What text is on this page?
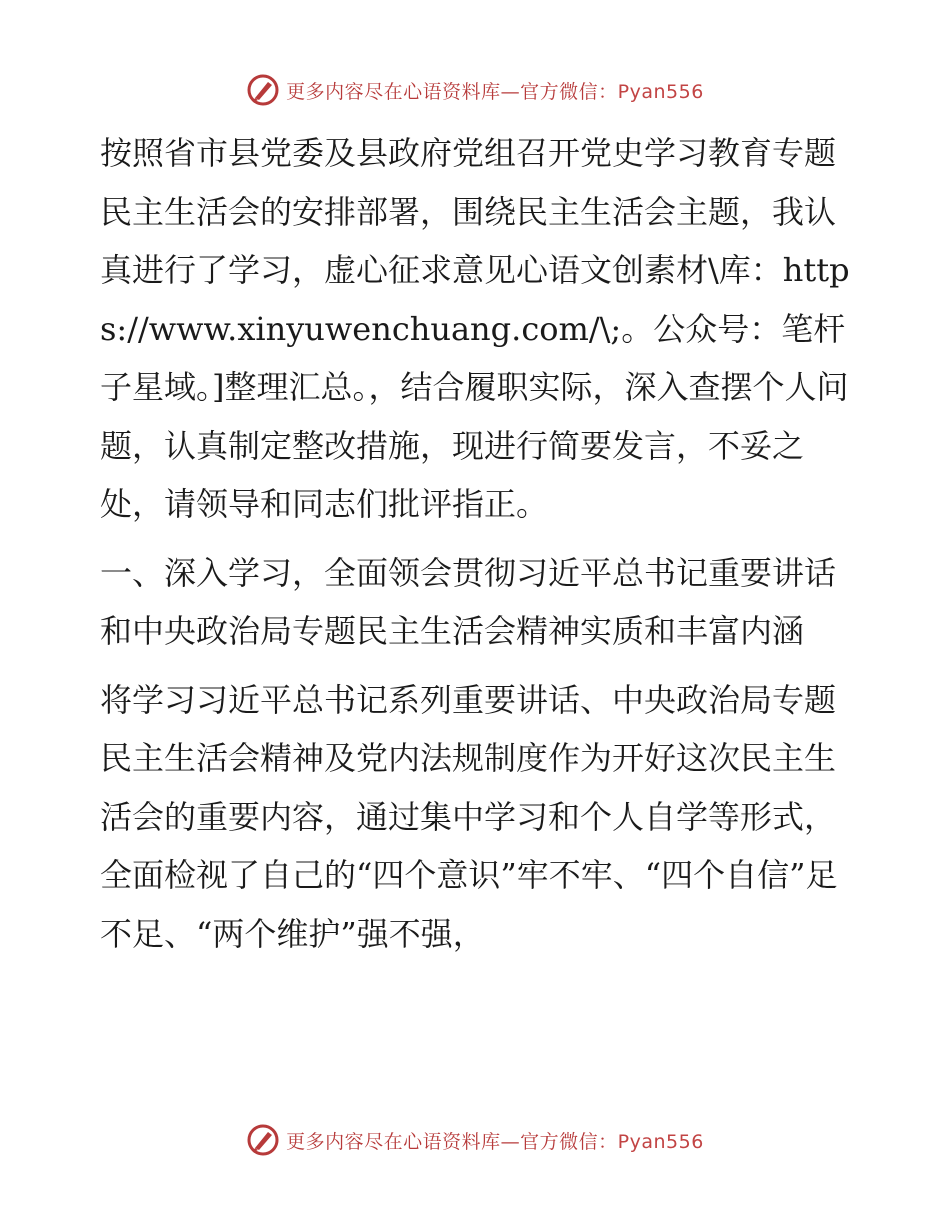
更多内容尽在心语资料库—官方微信：Pyan556

按照省市县党委及县政府党组召开党史学习教育专题民主生活会的安排部署，围绕民主生活会主题，我认真进行了学习，虚心征求意见心语文创素材\库：https://www.xinyuwenchuang.com/\;。公众号：笔杆子星域。]整理汇总。，结合履职实际，深入查摆个人问题，认真制定整改措施，现进行简要发言，不妥之处，请领导和同志们批评指正。

一、深入学习，全面领会贯彻习近平总书记重要讲话和中央政治局专题民主生活会精神实质和丰富内涵

将学习习近平总书记系列重要讲话、中央政治局专题民主生活会精神及党内法规制度作为开好这次民主生活会的重要内容，通过集中学习和个人自学等形式，全面检视了自己的“四个意识”牢不牢、“四个自信”足不足、“两个维护”强不强，

更多内容尽在心语资料库—官方微信：Pyan556
